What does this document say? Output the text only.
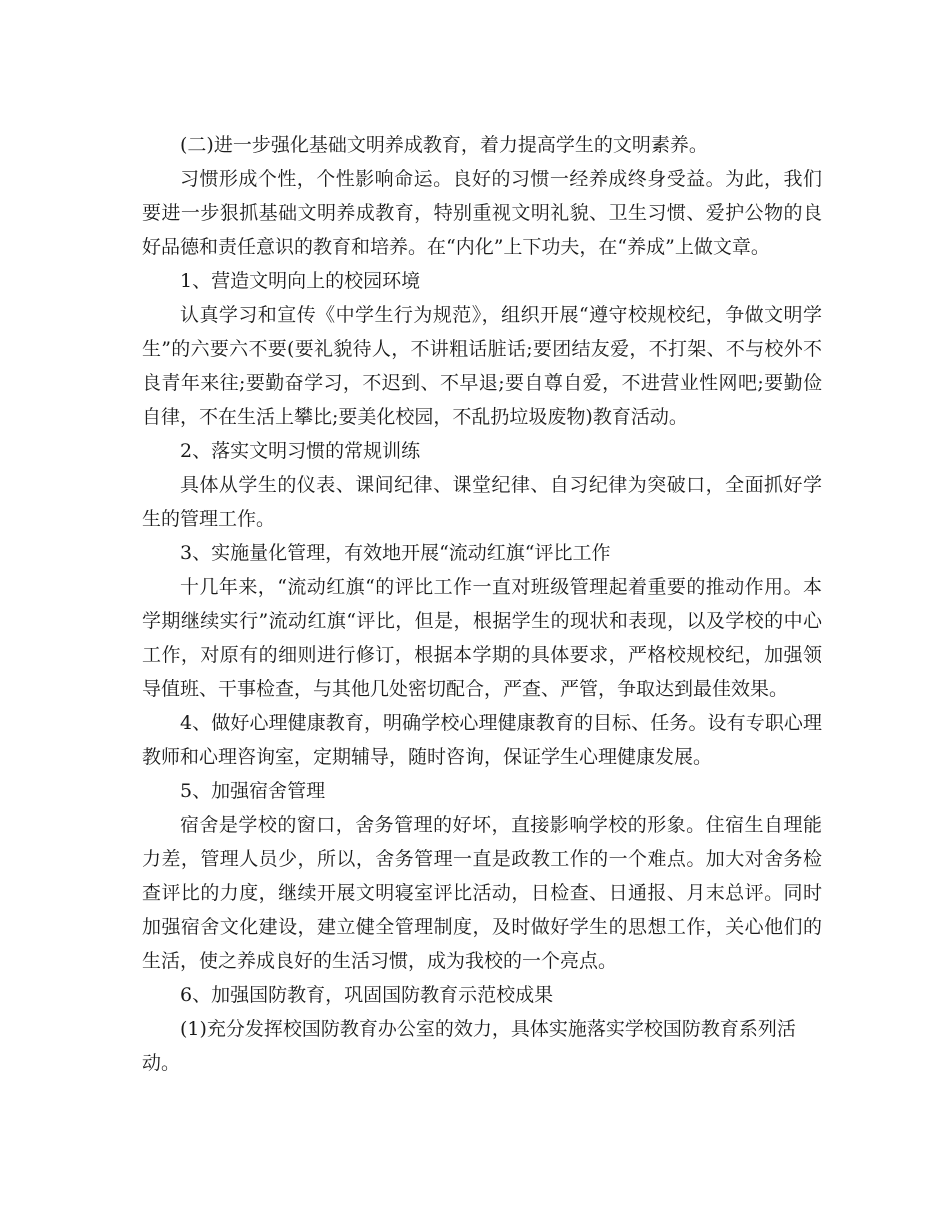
(二)进一步强化基础文明养成教育，着力提高学生的文明素养。

习惯形成个性，个性影响命运。良好的习惯一经养成终身受益。为此，我们要进一步狠抓基础文明养成教育，特别重视文明礼貌、卫生习惯、爱护公物的良好品德和责任意识的教育和培养。在“内化”上下功夫，在“养成”上做文章。

1、营造文明向上的校园环境

认真学习和宣传《中学生行为规范》，组织开展“遵守校规校纪，争做文明学生”的六要六不要(要礼貌待人，不讲粗话脏话;要团结友爱，不打架、不与校外不良青年来往;要勤奋学习，不迟到、不早退;要自尊自爱，不进营业性网吧;要勤俭自律，不在生活上攀比;要美化校园，不乱扔垃圾废物)教育活动。

2、落实文明习惯的常规训练

具体从学生的仪表、课间纪律、课堂纪律、自习纪律为突破口，全面抓好学生的管理工作。

3、实施量化管理，有效地开展“流动红旗“评比工作

十几年来，“流动红旗“的评比工作一直对班级管理起着重要的推动作用。本学期继续实行”流动红旗“评比，但是，根据学生的现状和表现，以及学校的中心工作，对原有的细则进行修订，根据本学期的具体要求，严格校规校纪，加强领导值班、干事检查，与其他几处密切配合，严查、严管，争取达到最佳效果。

4、做好心理健康教育，明确学校心理健康教育的目标、任务。设有专职心理教师和心理咨询室，定期辅导，随时咨询，保证学生心理健康发展。

5、加强宿舍管理

宿舍是学校的窗口，舍务管理的好坏，直接影响学校的形象。住宿生自理能力差，管理人员少，所以，舍务管理一直是政教工作的一个难点。加大对舍务检查评比的力度，继续开展文明寝室评比活动，日检查、日通报、月末总评。同时加强宿舍文化建设，建立健全管理制度，及时做好学生的思想工作，关心他们的生活，使之养成良好的生活习惯，成为我校的一个亮点。

6、加强国防教育，巩固国防教育示范校成果

(1)充分发挥校国防教育办公室的效力，具体实施落实学校国防教育系列活动。
